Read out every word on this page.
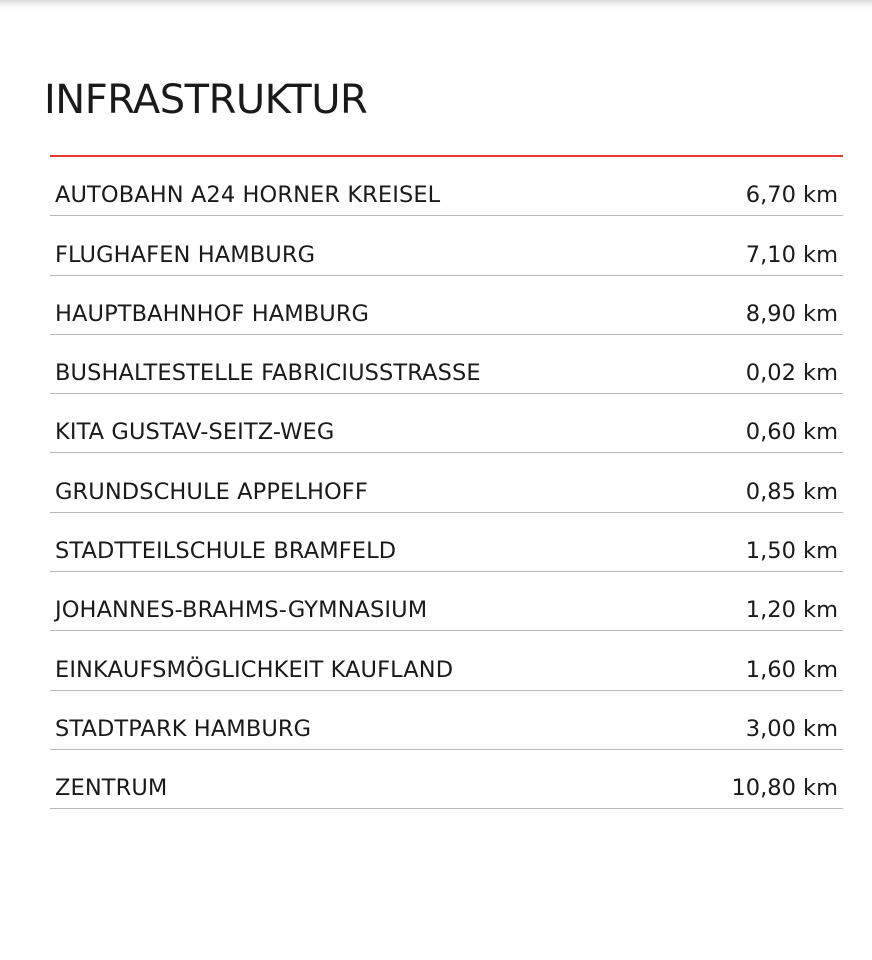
INFRASTRUKTUR
AUTOBAHN A24 HORNER KREISEL	6,70 km
FLUGHAFEN HAMBURG	7,10 km
HAUPTBAHNHOF HAMBURG	8,90 km
BUSHALTESTELLE FABRICIUSSTRASSE	0,02 km
KITA GUSTAV-SEITZ-WEG	0,60 km
GRUNDSCHULE APPELHOFF	0,85 km
STADTTEILSCHULE BRAMFELD	1,50 km
JOHANNES-BRAHMS-GYMNASIUM	1,20 km
EINKAUFSMÖGLICHKEIT KAUFLAND	1,60 km
STADTPARK HAMBURG	3,00 km
ZENTRUM	10,80 km
